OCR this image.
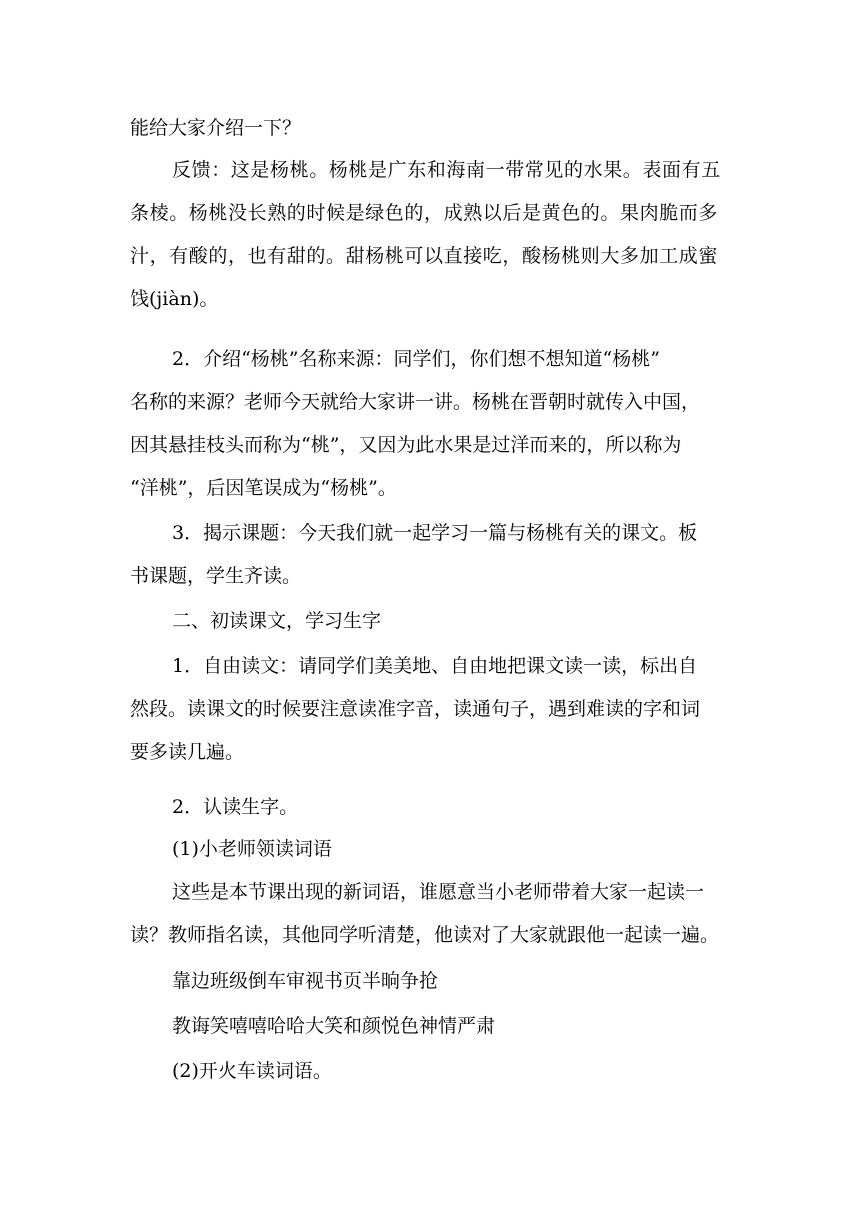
能给大家介绍一下？
反馈：这是杨桃。杨桃是广东和海南一带常见的水果。表面有五
条棱。杨桃没长熟的时候是绿色的，成熟以后是黄色的。果肉脆而多
汁，有酸的，也有甜的。甜杨桃可以直接吃，酸杨桃则大多加工成蜜
饯(jiàn)。
2．介绍“杨桃”名称来源：同学们，你们想不想知道“杨桃”
名称的来源？老师今天就给大家讲一讲。杨桃在晋朝时就传入中国，
因其悬挂枝头而称为“桃”，又因为此水果是过洋而来的，所以称为
“洋桃”，后因笔误成为“杨桃”。
3．揭示课题：今天我们就一起学习一篇与杨桃有关的课文。板
书课题，学生齐读。
二、初读课文，学习生字
1．自由读文：请同学们美美地、自由地把课文读一读，标出自
然段。读课文的时候要注意读准字音，读通句子，遇到难读的字和词
要多读几遍。
2．认读生字。
(1)小老师领读词语
这些是本节课出现的新词语，谁愿意当小老师带着大家一起读一
读？教师指名读，其他同学听清楚，他读对了大家就跟他一起读一遍。
靠边班级倒车审视书页半晌争抢
教诲笑嘻嘻哈哈大笑和颜悦色神情严肃
(2)开火车读词语。
